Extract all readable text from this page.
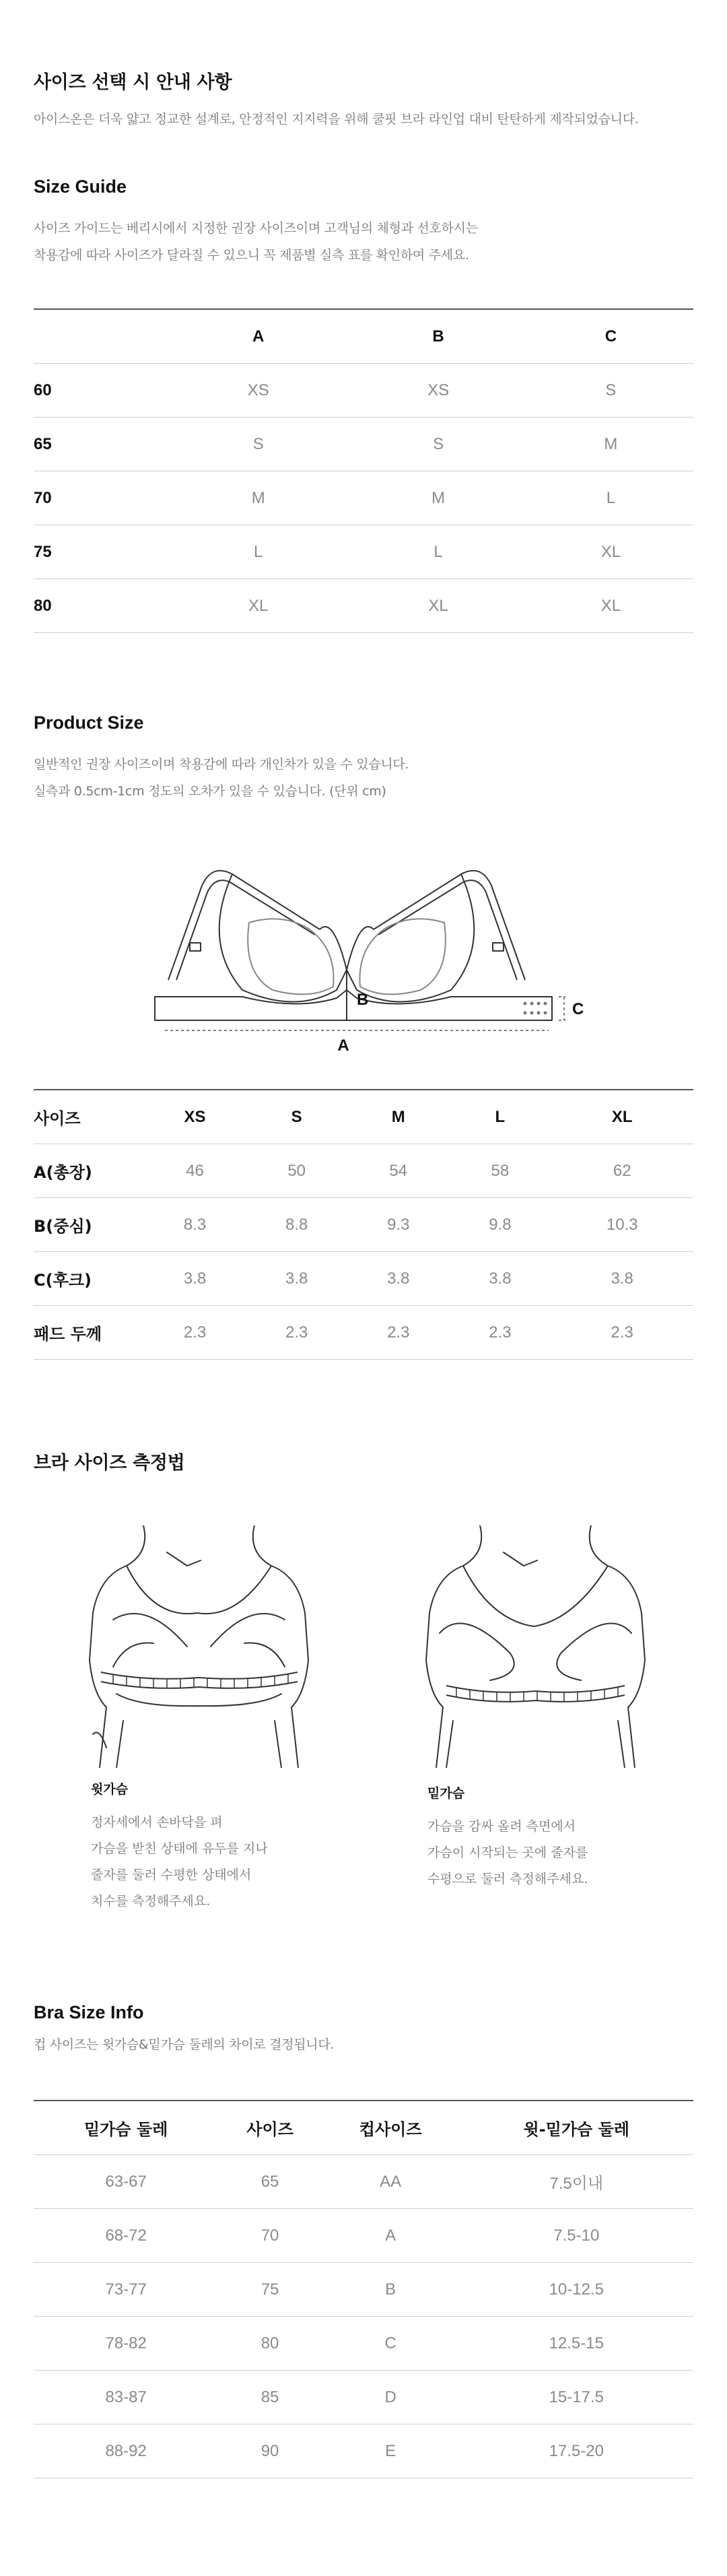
사이즈 선택 시 안내 사항

아이스온은 더욱 얇고 정교한 설계로, 안정적인 지지력을 위해 쿨핏 브라 라인업 대비 탄탄하게 제작되었습니다.

Size Guide

사이즈 가이드는 베리시에서 지정한 권장 사이즈이며 고객님의 체형과 선호하시는

착용감에 따라 사이즈가 달라질 수 있으니 꼭 제품별 실측 표를 확인하여 주세요.

	A	B	C
60	XS	XS	S
65	S	S	M
70	M	M	L
75	L	L	XL
80	XL	XL	XL
Product Size

일반적인 권장 사이즈이며 착용감에 따라 개인차가 있을 수 있습니다.

실측과 0.5cm-1cm 정도의 오차가 있을 수 있습니다. (단위 cm)

A
B
C
사이즈	XS	S	M	L	XL
A(총장)	46	50	54	58	62
B(중심)	8.3	8.8	9.3	9.8	10.3
C(후크)	3.8	3.8	3.8	3.8	3.8
패드 두께	2.3	2.3	2.3	2.3	2.3
브라 사이즈 측정법

윗가슴

정자세에서 손바닥을 펴

가슴을 받친 상태에 유두를 지나

줄자를 둘러 수평한 상태에서

치수를 측정해주세요.

밑가슴

가슴을 감싸 올려 측면에서

가슴이 시작되는 곳에 줄자를

수평으로 둘러 측정해주세요.

Bra Size Info

컵 사이즈는 윗가슴&밑가슴 둘레의 차이로 결정됩니다.

밑가슴 둘레	사이즈	컵사이즈	윗-밑가슴 둘레
63-67	65	AA	7.5이내
68-72	70	A	7.5-10
73-77	75	B	10-12.5
78-82	80	C	12.5-15
83-87	85	D	15-17.5
88-92	90	E	17.5-20
